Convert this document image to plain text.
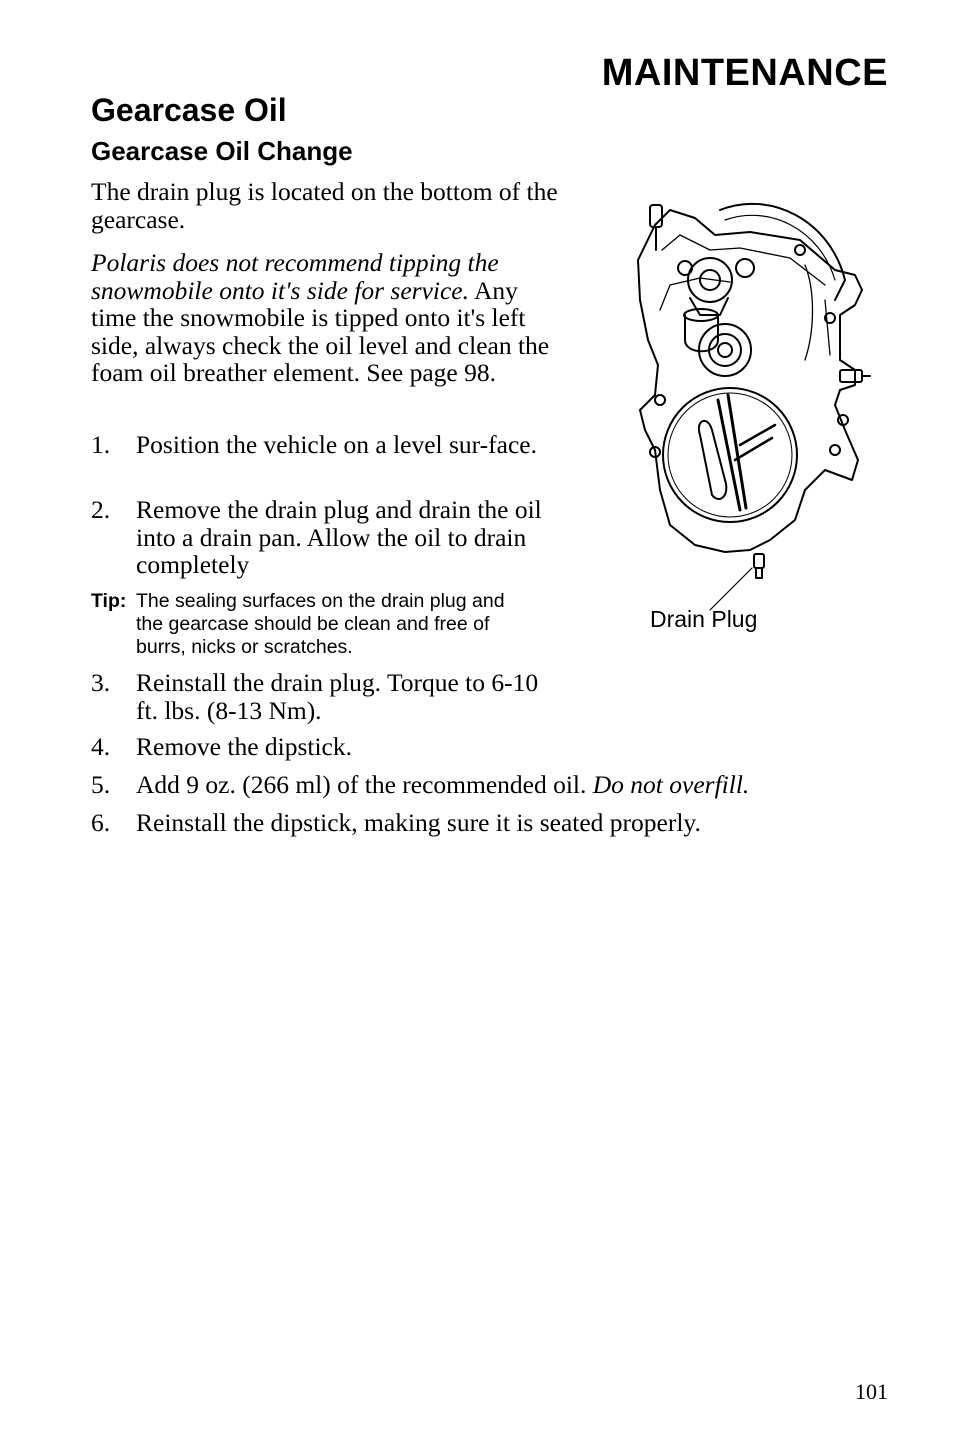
MAINTENANCE
Gearcase Oil
Gearcase Oil Change
The drain plug is located on the bottom of the gearcase.
Polaris does not recommend tipping the snowmobile onto it's side for service. Any time the snowmobile is tipped onto it's left side, always check the oil level and clean the foam oil breather element. See page 98.
1.	Position the vehicle on a level sur-face.
2.	Remove the drain plug and drain the oil into a drain pan. Allow the oil to drain completely
Tip: The sealing surfaces on the drain plug and the gearcase should be clean and free of burrs, nicks or scratches.
3.	Reinstall the drain plug. Torque to 6-10 ft. lbs. (8-13 Nm).
4.	Remove the dipstick.
5.	Add 9 oz. (266 ml) of the recommended oil. Do not overfill.
6.	Reinstall the dipstick, making sure it is seated properly.
Drain Plug
101
